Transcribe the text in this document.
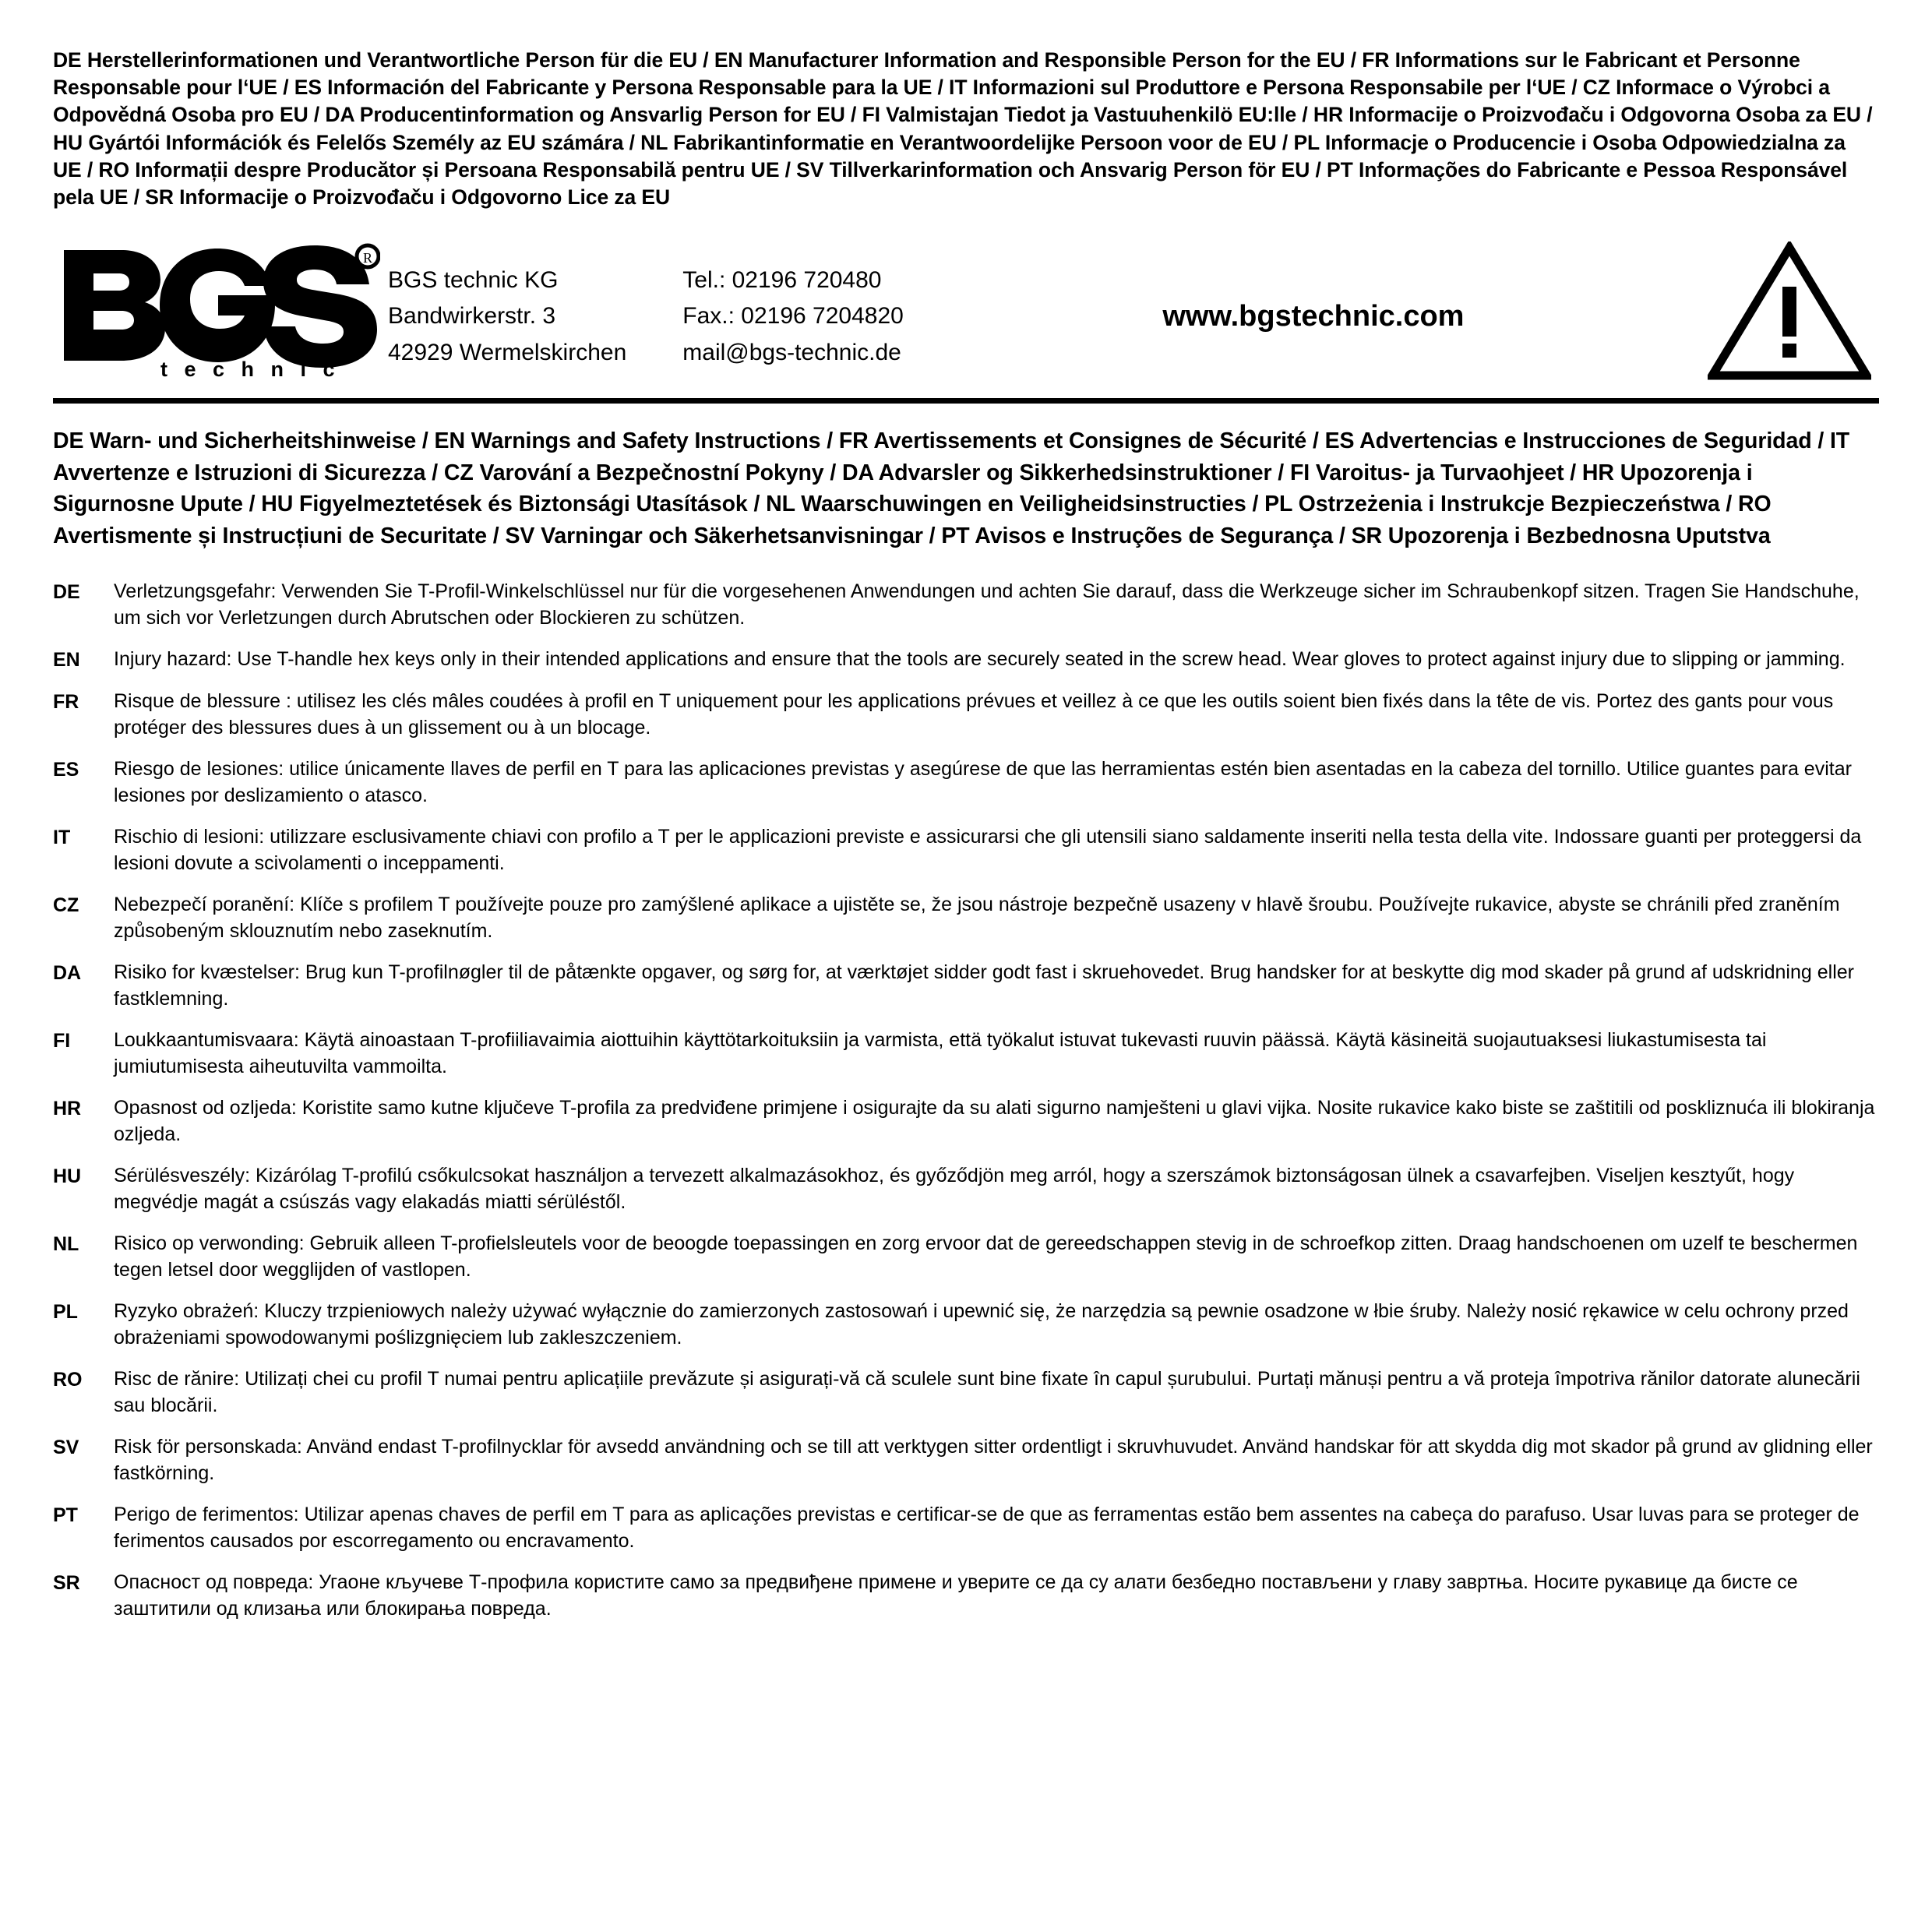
DE Herstellerinformationen und Verantwortliche Person für die EU / EN Manufacturer Information and Responsible Person for the EU / FR Informations sur le Fabricant et Personne Responsable pour l‘UE / ES Información del Fabricante y Persona Responsable para la UE / IT Informazioni sul Produttore e Persona Responsabile per l‘UE / CZ Informace o Výrobci a Odpovědná Osoba pro EU / DA Producentinformation og Ansvarlig Person for EU / FI Valmistajan Tiedot ja Vastuuhenkilö EU:lle / HR Informacije o Proizvođaču i Odgovorna Osoba za EU / HU Gyártói Információk és Felelős Személy az EU számára / NL Fabrikantinformatie en Verantwoordelijke Persoon voor de EU / PL Informacje o Producencie i Osoba Odpowiedzialna za UE / RO Informații despre Producător și Persoana Responsabilă pentru UE / SV Tillverkarinformation och Ansvarig Person för EU / PT Informações do Fabricante e Pessoa Responsável pela UE / SR Informacije o Proizvođaču i Odgovorno Lice za EU
R
t e c h n i c
BGS technic KG
Bandwirkerstr. 3
42929 Wermelskirchen
Tel.: 02196 720480
Fax.: 02196 7204820
mail@bgs-technic.de
www.bgstechnic.com
DE Warn- und Sicherheitshinweise / EN Warnings and Safety Instructions / FR Avertissements et Consignes de Sécurité / ES Advertencias e Instrucciones de Seguridad / IT Avvertenze e Istruzioni di Sicurezza / CZ Varování a Bezpečnostní Pokyny / DA Advarsler og Sikkerhedsinstruktioner / FI Varoitus- ja Turvaohjeet / HR Upozorenja i Sigurnosne Upute / HU Figyelmeztetések és Biztonsági Utasítások / NL Waarschuwingen en Veiligheidsinstructies / PL Ostrzeżenia i Instrukcje Bezpieczeństwa / RO Avertismente și Instrucțiuni de Securitate / SV Varningar och Säkerhetsanvisningar / PT Avisos e Instruções de Segurança / SR Upozorenja i Bezbednosna Uputstva
DE	Verletzungsgefahr: Verwenden Sie T-Profil-Winkelschlüssel nur für die vorgesehenen Anwendungen und achten Sie darauf, dass die Werkzeuge sicher im Schraubenkopf sitzen. Tragen Sie Handschuhe, um sich vor Verletzungen durch Abrutschen oder Blockieren zu schützen.
EN	Injury hazard: Use T-handle hex keys only in their intended applications and ensure that the tools are securely seated in the screw head. Wear gloves to protect against injury due to slipping or jamming.
FR	Risque de blessure : utilisez les clés mâles coudées à profil en T uniquement pour les applications prévues et veillez à ce que les outils soient bien fixés dans la tête de vis. Portez des gants pour vous protéger des blessures dues à un glissement ou à un blocage.
ES	Riesgo de lesiones: utilice únicamente llaves de perfil en T para las aplicaciones previstas y asegúrese de que las herramientas estén bien asentadas en la cabeza del tornillo. Utilice guantes para evitar lesiones por deslizamiento o atasco.
IT	Rischio di lesioni: utilizzare esclusivamente chiavi con profilo a T per le applicazioni previste e assicurarsi che gli utensili siano saldamente inseriti nella testa della vite. Indossare guanti per proteggersi da lesioni dovute a scivolamenti o inceppamenti.
CZ	Nebezpečí poranění: Klíče s profilem T používejte pouze pro zamýšlené aplikace a ujistěte se, že jsou nástroje bezpečně usazeny v hlavě šroubu. Používejte rukavice, abyste se chránili před zraněním způsobeným sklouznutím nebo zaseknutím.
DA	Risiko for kvæstelser: Brug kun T-profilnøgler til de påtænkte opgaver, og sørg for, at værktøjet sidder godt fast i skruehovedet. Brug handsker for at beskytte dig mod skader på grund af udskridning eller fastklemning.
FI	Loukkaantumisvaara: Käytä ainoastaan T-profiiliavaimia aiottuihin käyttötarkoituksiin ja varmista, että työkalut istuvat tukevasti ruuvin päässä. Käytä käsineitä suojautuaksesi liukastumisesta tai jumiutumisesta aiheutuvilta vammoilta.
HR	Opasnost od ozljeda: Koristite samo kutne ključeve T-profila za predviđene primjene i osigurajte da su alati sigurno namješteni u glavi vijka. Nosite rukavice kako biste se zaštitili od poskliznuća ili blokiranja ozljeda.
HU	Sérülésveszély: Kizárólag T-profilú csőkulcsokat használjon a tervezett alkalmazásokhoz, és győződjön meg arról, hogy a szerszámok biztonságosan ülnek a csavarfejben. Viseljen kesztyűt, hogy megvédje magát a csúszás vagy elakadás miatti sérüléstől.
NL	Risico op verwonding: Gebruik alleen T-profielsleutels voor de beoogde toepassingen en zorg ervoor dat de gereedschappen stevig in de schroefkop zitten. Draag handschoenen om uzelf te beschermen tegen letsel door wegglijden of vastlopen.
PL	Ryzyko obrażeń: Kluczy trzpieniowych należy używać wyłącznie do zamierzonych zastosowań i upewnić się, że narzędzia są pewnie osadzone w łbie śruby. Należy nosić rękawice w celu ochrony przed obrażeniami spowodowanymi poślizgnięciem lub zakleszczeniem.
RO	Risc de rănire: Utilizați chei cu profil T numai pentru aplicațiile prevăzute și asigurați-vă că sculele sunt bine fixate în capul șurubului. Purtați mănuși pentru a vă proteja împotriva rănilor datorate alunecării sau blocării.
SV	Risk för personskada: Använd endast T-profilnycklar för avsedd användning och se till att verktygen sitter ordentligt i skruvhuvudet. Använd handskar för att skydda dig mot skador på grund av glidning eller fastkörning.
PT	Perigo de ferimentos: Utilizar apenas chaves de perfil em T para as aplicações previstas e certificar-se de que as ferramentas estão bem assentes na cabeça do parafuso. Usar luvas para se proteger de ferimentos causados por escorregamento ou encravamento.
SR	Опасност од повреда: Угаоне кључеве Т-профила користите само за предвиђене примене и уверите се да су алати безбедно постављени у главу завртња. Носите рукавице да бисте се заштитили од клизања или блокирања повреда.
